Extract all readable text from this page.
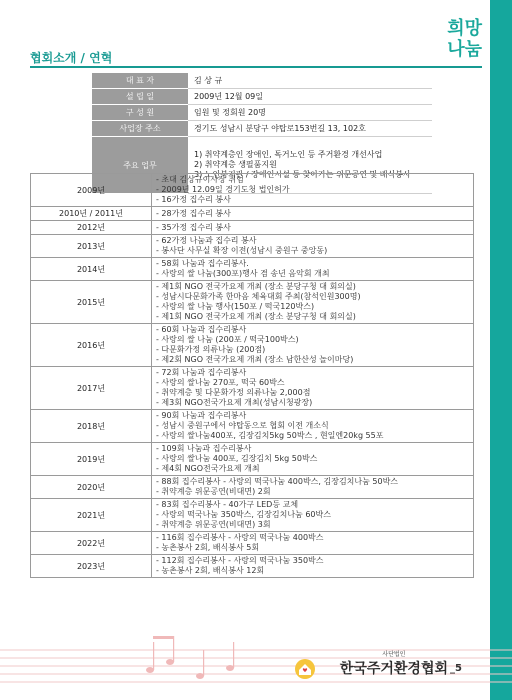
희망
나눔
협회소개 / 연혁
대 표 자	김 상 규
설 립 일	2009년 12월 09일
구 성 원	임원 및 정회원 20명
사업장 주소	경기도 성남시 분당구 야탑로153번길 13, 102호
주요 업무	1) 취약계층인 장애인, 독거노인 등 주거환경 개선사업
2) 취약계층 생필품지원
3) 노인복지관 / 장애인시설 등 찾아가는 위문공연 및 배식봉사
2009년	- 초대 김상규이사장 취임
- 2009년 12.09일 경기도청 법인허가
- 16가정 집수리 봉사

2010년 / 2011년	- 28가정 집수리 봉사

2012년	- 35가정 집수리 봉사

2013년	- 62가정 나눔과 집수리 봉사
- 봉사단 사무실 확장 이전(성남시 중원구 중앙동)

2014년	- 58회 나눔과 집수리봉사.
- 사랑의 쌀 나눔(300포)행사 겸 송년 음악회 개최

2015년	- 제1회 NGO 전국가요제 개최 (장소 분당구청 대 회의실)
- 성남시다문화가족 한마음 체육대회 주최(참석인원300명)
- 사랑의 쌀 나눔 행사(150포 / 떡국120박스)
- 제1회 NGO 전국가요제 개최 (장소 분당구청 대 회의실)

2016년	- 60회 나눔과 집수리봉사
- 사랑의 쌀 나눔 (200포 / 떡국100박스)
- 다문화가정 의류나눔 (200점)
- 제2회 NGO 전국가요제 개최 (장소 남한산성 놀이마당)

2017년	- 72회 나눔과 집수리봉사
- 사랑의 쌀나눔 270포, 떡국 60박스
- 취약계층 및 다문화가정 의류나눔 2,000점
- 제3회 NGO전국가요제 개최(성남시청광장)

2018년	- 90회 나눔과 집수리봉사
- 성남시 중원구에서 야탑동으로 협회 이전 개소식
- 사랑의 쌀나눔400포, 김장김치5kg 50박스 , 현일엔20kg 55포

2019년	- 109회 나눔과 집수리봉사
- 사랑의 쌀나눔 400포, 김장김치 5kg 50박스
- 제4회 NGO전국가요제 개최

2020년	- 88회 집수리봉사 - 사랑의 떡국나눔 400박스, 김장김치나눔 50박스
- 취약계층 위문공연(비대면) 2회

2021년	- 83회 집수리봉사 - 40가구 LED등 교체
- 사랑의 떡국나눔 350박스, 김장김치나눔 60박스
- 취약계층 위문공연(비대면) 3회

2022년	- 116회 집수리봉사 - 사랑의 떡국나눔 400박스
- 농촌봉사 2회, 배식봉사 5회

2023년	- 112회 집수리봉사 - 사랑의 떡국나눔 350박스
- 농촌봉사 2회, 배식봉사 12회
사단법인
한국주거환경협회 _5
